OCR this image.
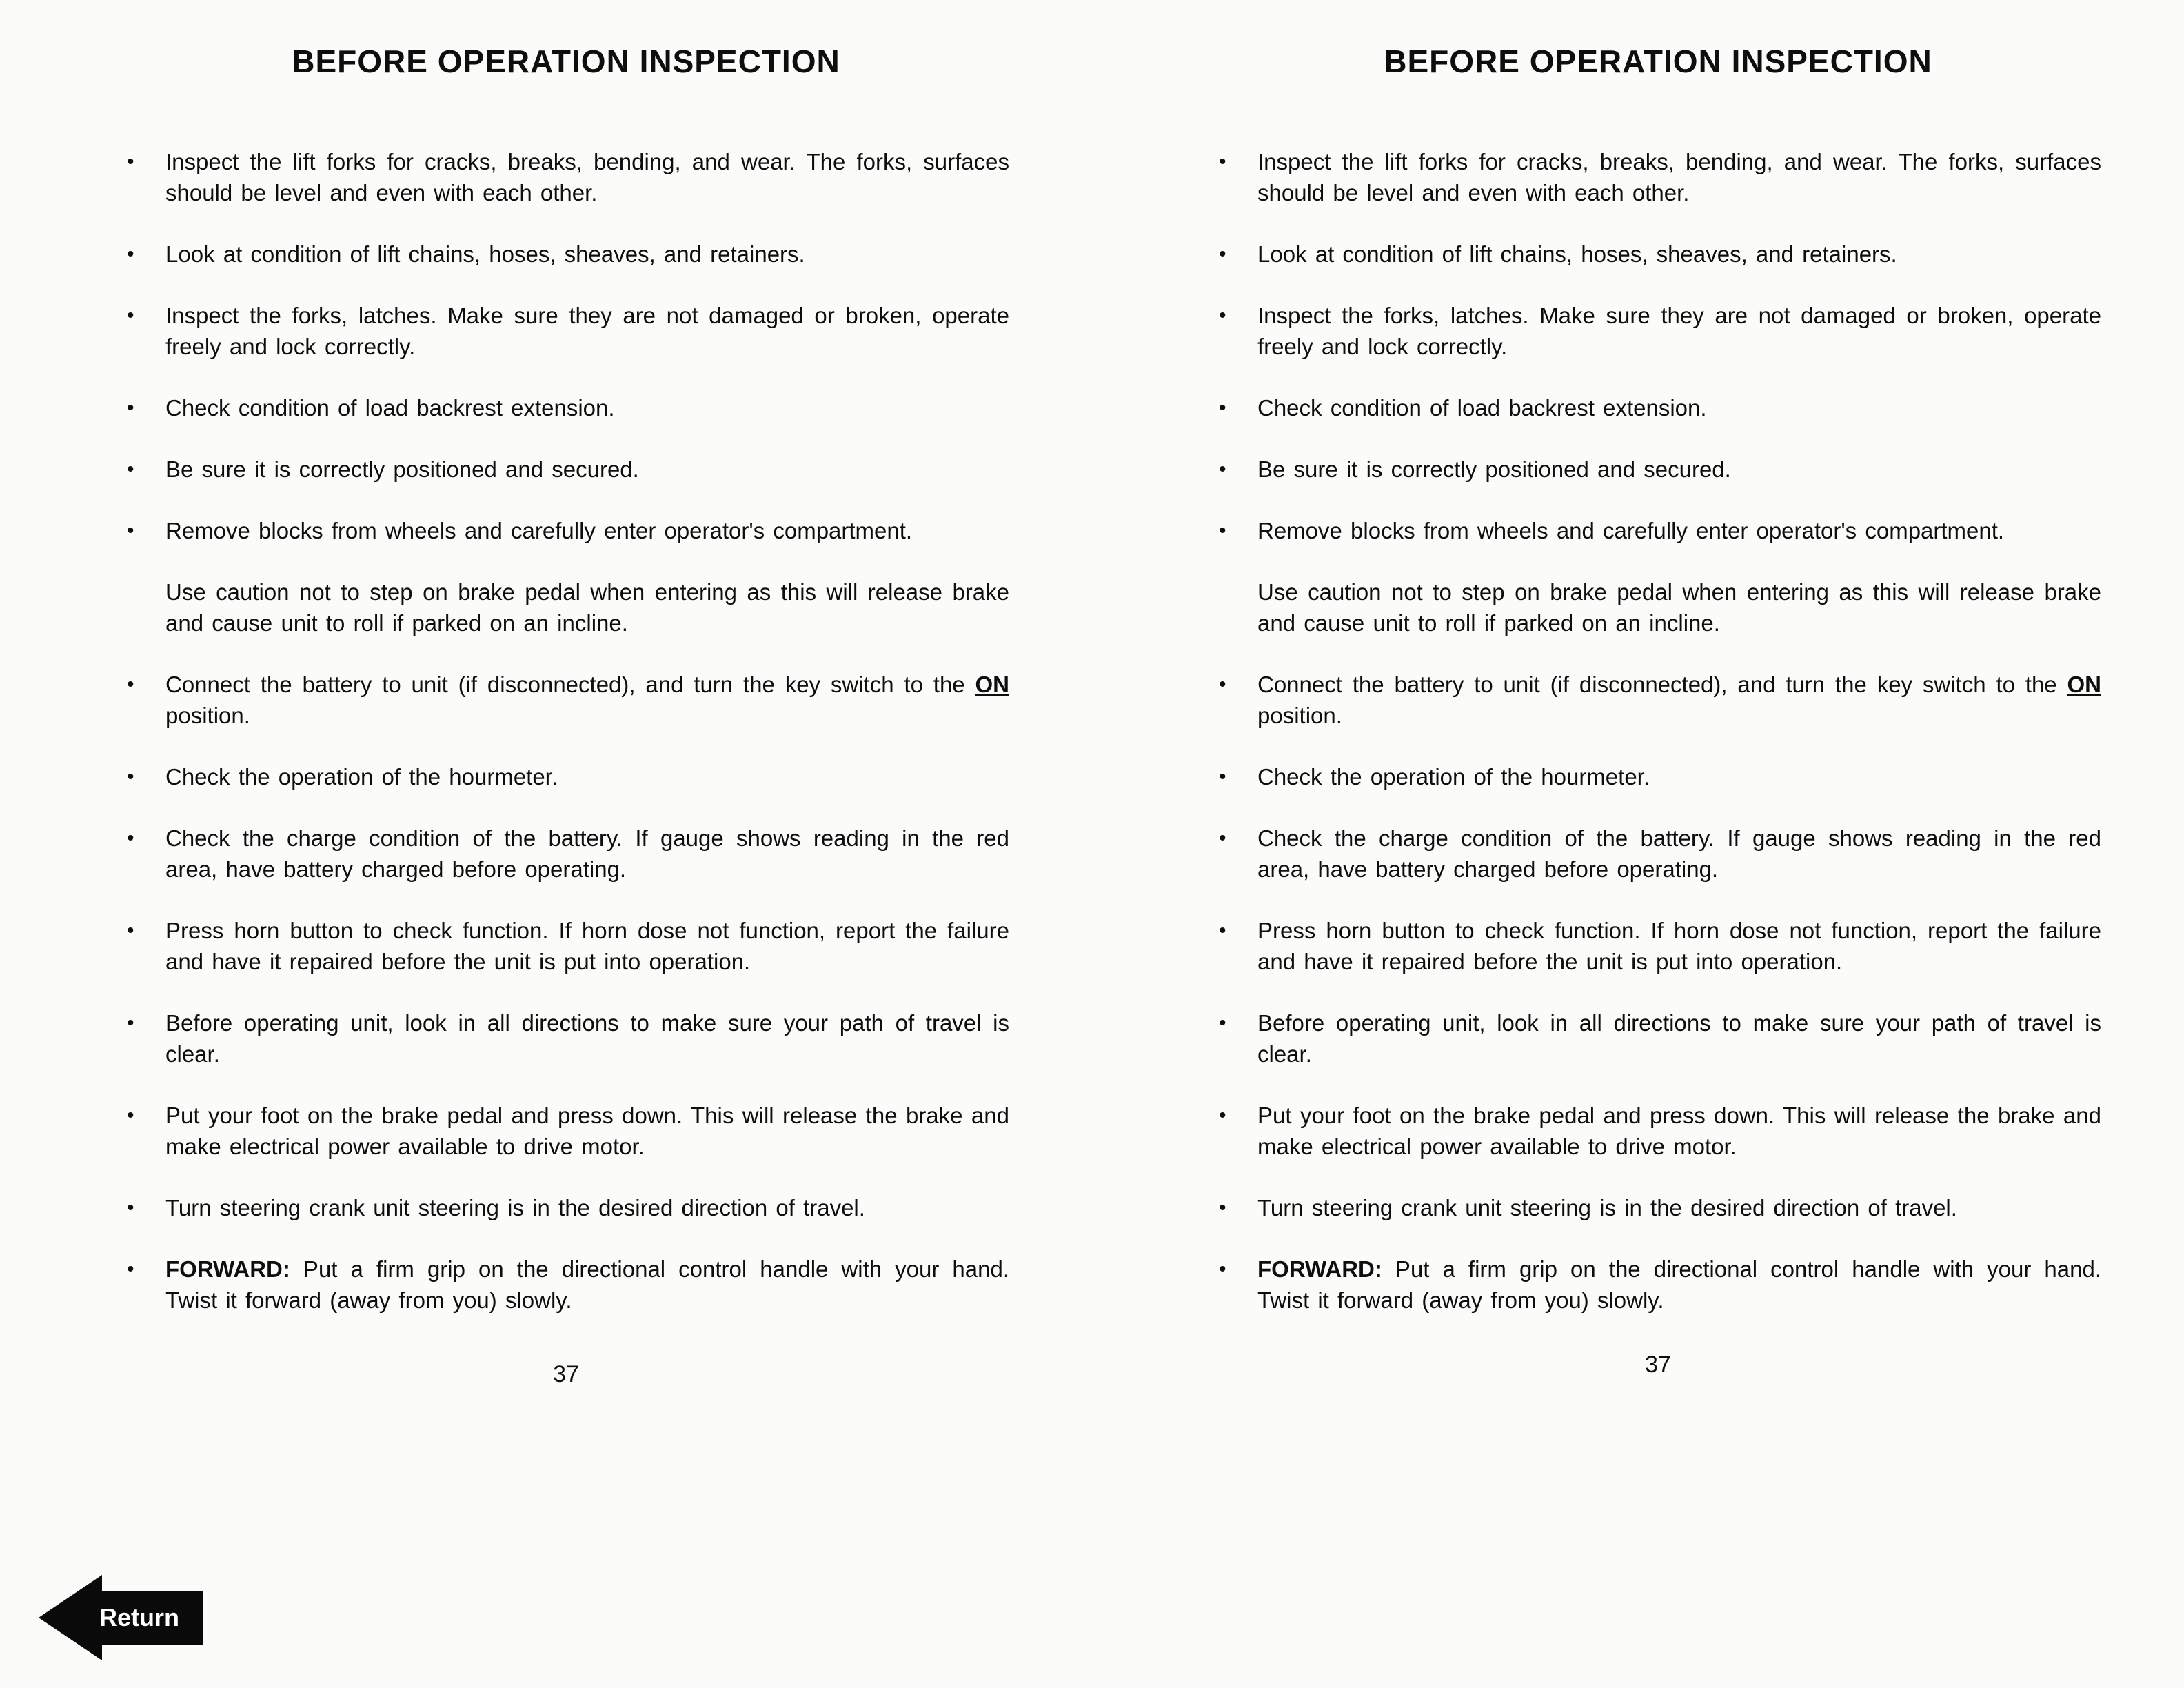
BEFORE OPERATION INSPECTION
•	Inspect the lift forks for cracks, breaks, bending, and wear. The forks, surfaces should be level and even with each other.
•	Look at condition of lift chains, hoses, sheaves, and retainers.
•	Inspect the forks, latches. Make sure they are not damaged or broken, operate freely and lock correctly.
•	Check condition of load backrest extension.
•	Be sure it is correctly positioned and secured.
•	Remove blocks from wheels and carefully enter operator's compartment.
Use caution not to step on brake pedal when entering as this will release brake and cause unit to roll if parked on an incline.
•	Connect the battery to unit (if disconnected), and turn the key switch to the ON position.
•	Check the operation of the hourmeter.
•	Check the charge condition of the battery. If gauge shows reading in the red area, have battery charged before operating.
•	Press horn button to check function. If horn dose not function, report the failure and have it repaired before the unit is put into operation.
•	Before operating unit, look in all directions to make sure your path of travel is clear.
•	Put your foot on the brake pedal and press down. This will release the brake and make electrical power available to drive motor.
•	Turn steering crank unit steering is in the desired direction of travel.
•	FORWARD: Put a firm grip on the directional control handle with your hand. Twist it forward (away from you) slowly.
37
BEFORE OPERATION INSPECTION
•	Inspect the lift forks for cracks, breaks, bending, and wear. The forks, surfaces should be level and even with each other.
•	Look at condition of lift chains, hoses, sheaves, and retainers.
•	Inspect the forks, latches. Make sure they are not damaged or broken, operate freely and lock correctly.
•	Check condition of load backrest extension.
•	Be sure it is correctly positioned and secured.
•	Remove blocks from wheels and carefully enter operator's compartment.
Use caution not to step on brake pedal when entering as this will release brake and cause unit to roll if parked on an incline.
•	Connect the battery to unit (if disconnected), and turn the key switch to the ON position.
•	Check the operation of the hourmeter.
•	Check the charge condition of the battery. If gauge shows reading in the red area, have battery charged before operating.
•	Press horn button to check function. If horn dose not function, report the failure and have it repaired before the unit is put into operation.
•	Before operating unit, look in all directions to make sure your path of travel is clear.
•	Put your foot on the brake pedal and press down. This will release the brake and make electrical power available to drive motor.
•	Turn steering crank unit steering is in the desired direction of travel.
•	FORWARD: Put a firm grip on the directional control handle with your hand. Twist it forward (away from you) slowly.
37
Return
